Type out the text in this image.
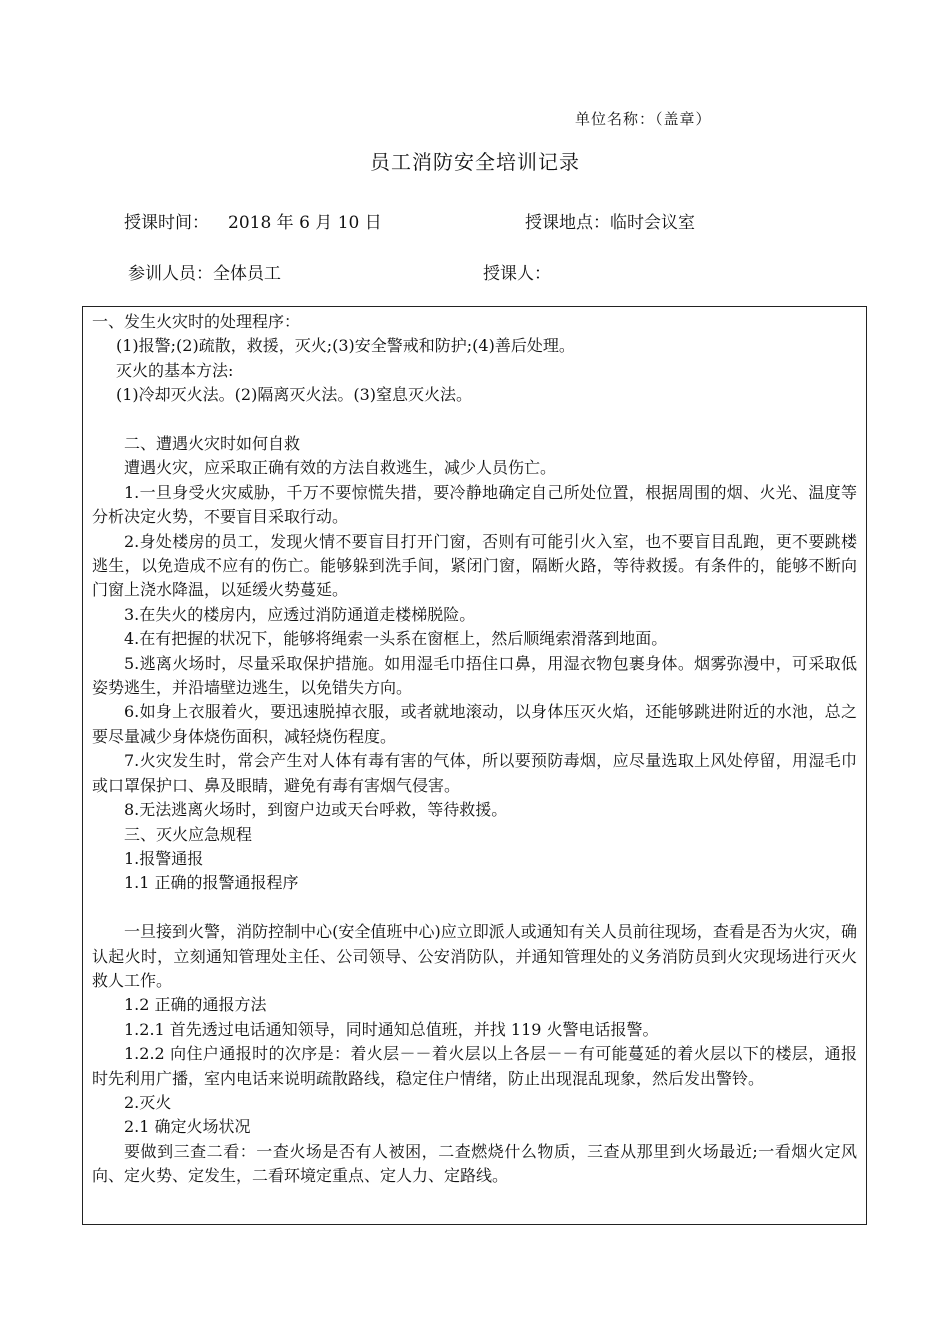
单位名称：（盖章）
员工消防安全培训记录
授课时间： 2018 年 6 月 10 日	授课地点：临时会议室
参训人员：全体员工	授课人：

一、发生火灾时的处理程序：

(1)报警;(2)疏散，救援，灭火;(3)安全警戒和防护;(4)善后处理。

灭火的基本方法:

(1)冷却灭火法。(2)隔离灭火法。(3)窒息灭火法。

二、遭遇火灾时如何自救

遭遇火灾，应采取正确有效的方法自救逃生，减少人员伤亡。

1.一旦身受火灾威胁，千万不要惊慌失措，要冷静地确定自己所处位置，根据周围的烟、火光、温度等分析决定火势，不要盲目采取行动。

2.身处楼房的员工，发现火情不要盲目打开门窗，否则有可能引火入室，也不要盲目乱跑，更不要跳楼逃生，以免造成不应有的伤亡。能够躲到洗手间，紧闭门窗，隔断火路，等待救援。有条件的，能够不断向门窗上浇水降温，以延缓火势蔓延。

3.在失火的楼房内，应透过消防通道走楼梯脱险。

4.在有把握的状况下，能够将绳索一头系在窗框上，然后顺绳索滑落到地面。

5.逃离火场时，尽量采取保护措施。如用湿毛巾捂住口鼻，用湿衣物包裹身体。烟雾弥漫中，可采取低姿势逃生，并沿墙壁边逃生，以免错失方向。

6.如身上衣服着火，要迅速脱掉衣服，或者就地滚动，以身体压灭火焰，还能够跳进附近的水池，总之要尽量减少身体烧伤面积，减轻烧伤程度。

7.火灾发生时，常会产生对人体有毒有害的气体，所以要预防毒烟，应尽量选取上风处停留，用湿毛巾或口罩保护口、鼻及眼睛，避免有毒有害烟气侵害。

8.无法逃离火场时，到窗户边或天台呼救，等待救援。

三、灭火应急规程

1.报警通报

1.1 正确的报警通报程序

一旦接到火警，消防控制中心(安全值班中心)应立即派人或通知有关人员前往现场，查看是否为火灾，确认起火时，立刻通知管理处主任、公司领导、公安消防队，并通知管理处的义务消防员到火灾现场进行灭火救人工作。

1.2 正确的通报方法

1.2.1 首先透过电话通知领导，同时通知总值班，并找 119 火警电话报警。

1.2.2 向住户通报时的次序是：着火层－－着火层以上各层－－有可能蔓延的着火层以下的楼层，通报时先利用广播，室内电话来说明疏散路线，稳定住户情绪，防止出现混乱现象，然后发出警铃。

2.灭火

2.1 确定火场状况

要做到三查二看：一查火场是否有人被困，二查燃烧什么物质，三查从那里到火场最近;一看烟火定风向、定火势、定发生，二看环境定重点、定人力、定路线。
